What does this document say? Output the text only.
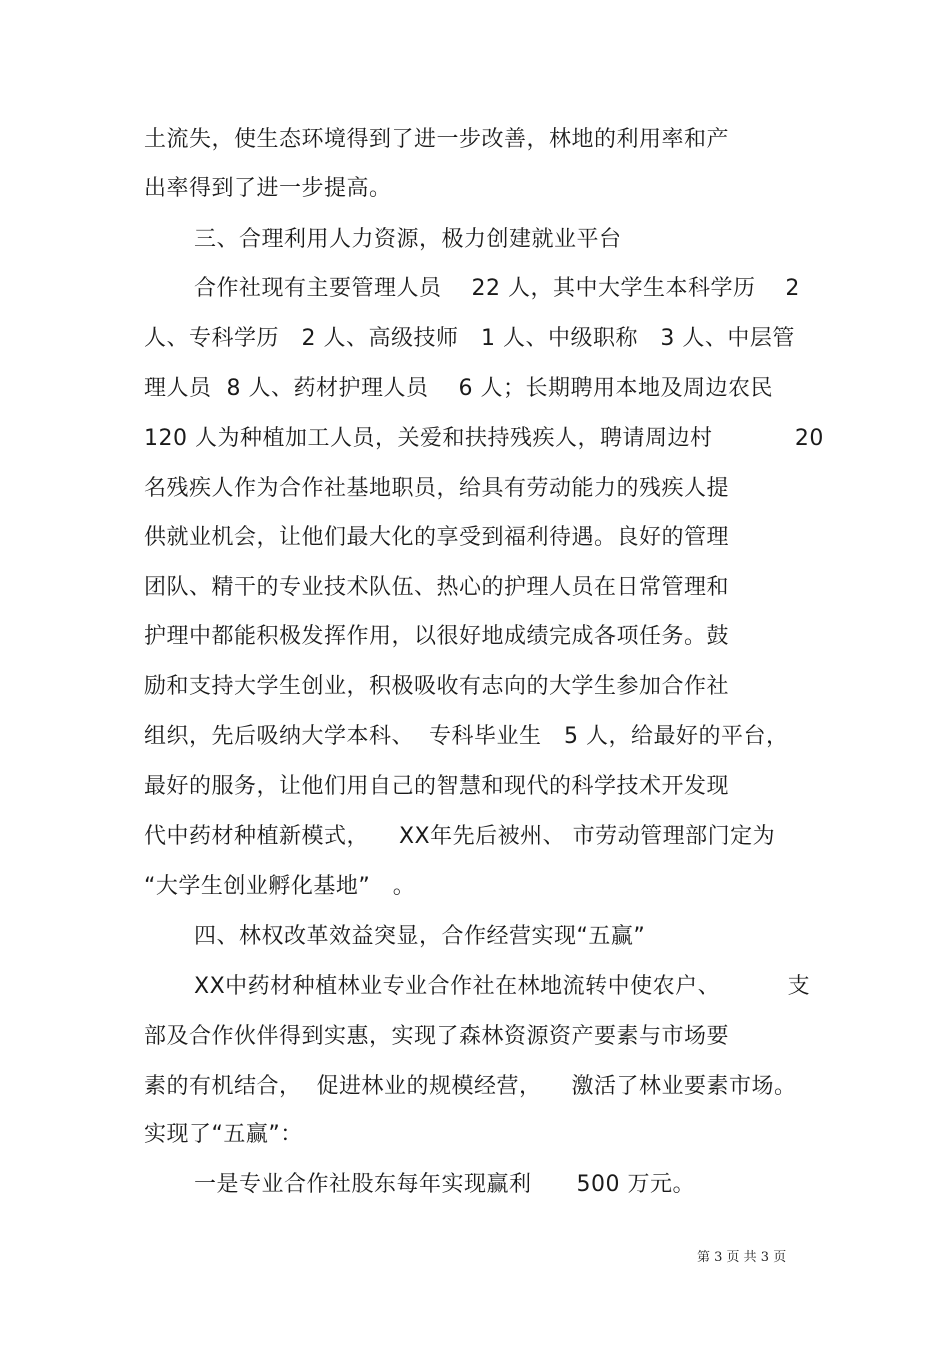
土流失，使生态环境得到了进一步改善，林地的利用率和产
出率得到了进一步提高。
三、合理利用人力资源，极力创建就业平台
合作社现有主要管理人员    22 人，其中大学生本科学历    2
人、专科学历   2 人、高级技师   1 人、中级职称   3 人、中层管
理人员  8 人、药材护理人员    6 人；长期聘用本地及周边农民
120 人为种植加工人员，关爱和扶持残疾人，聘请周边村           20
名残疾人作为合作社基地职员，给具有劳动能力的残疾人提
供就业机会，让他们最大化的享受到福利待遇。良好的管理
团队、精干的专业技术队伍、热心的护理人员在日常管理和
护理中都能积极发挥作用，以很好地成绩完成各项任务。鼓
励和支持大学生创业，积极吸收有志向的大学生参加合作社
组织，先后吸纳大学本科、  专科毕业生   5 人，给最好的平台，
最好的服务，让他们用自己的智慧和现代的科学技术开发现
代中药材种植新模式，    XX年先后被州、 市劳动管理部门定为
“大学生创业孵化基地”   。
四、林权改革效益突显，合作经营实现“五赢”
XX中药材种植林业专业合作社在林地流转中使农户、         支
部及合作伙伴得到实惠，实现了森林资源资产要素与市场要
素的有机结合，  促进林业的规模经营，    激活了林业要素市场。
实现了“五赢”：
一是专业合作社股东每年实现赢利      500 万元。
第 3 页 共 3 页
